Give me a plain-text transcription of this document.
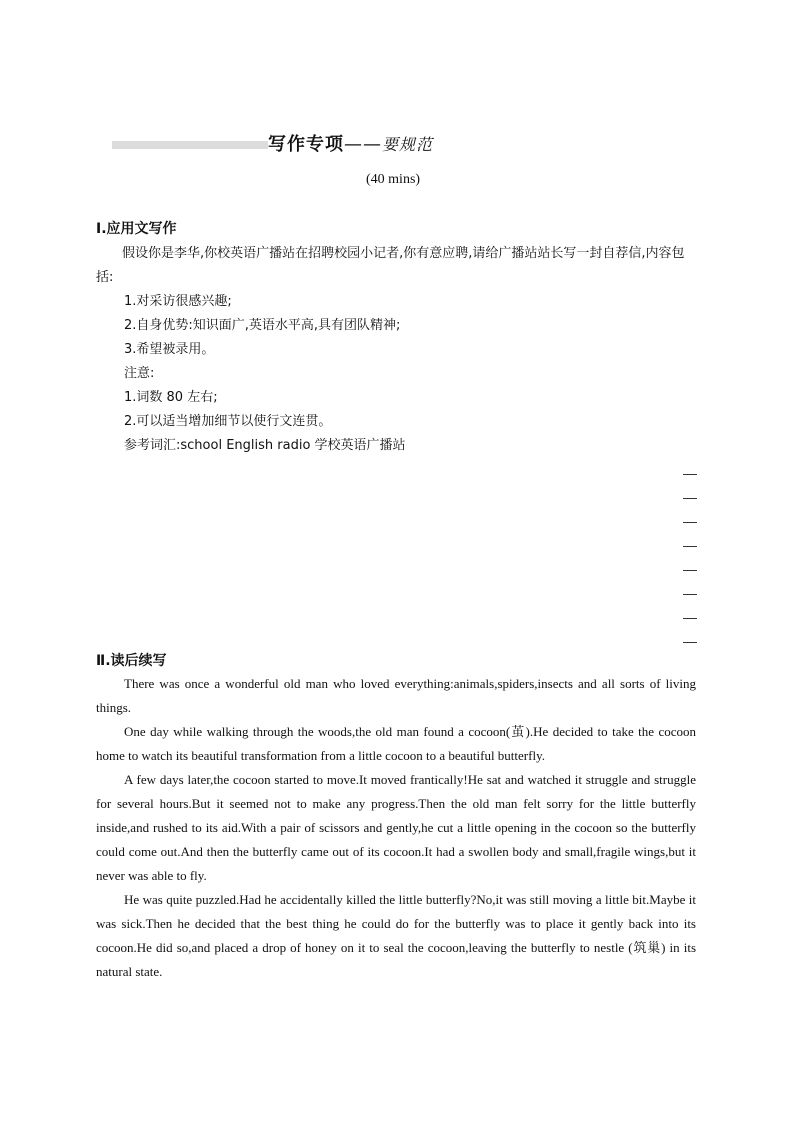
写作专项——要规范
(40 mins)
Ⅰ.应用文写作

假设你是李华,你校英语广播站在招聘校园小记者,你有意应聘,请给广播站站长写一封自荐信,内容包括:

1.对采访很感兴趣;
2.自身优势:知识面广,英语水平高,具有团队精神;
3.希望被录用。
注意:
1.词数 80 左右;
2.可以适当增加细节以使行文连贯。
参考词汇:school English radio 学校英语广播站
Ⅱ.读后续写

There was once a wonderful old man who loved everything:animals,spiders,insects and all sorts of living things.

One day while walking through the woods,the old man found a cocoon(茧).He decided to take the cocoon home to watch its beautiful transformation from a little cocoon to a beautiful butterfly.

A few days later,the cocoon started to move.It moved frantically!He sat and watched it struggle and struggle for several hours.But it seemed not to make any progress.Then the old man felt sorry for the little butterfly inside,and rushed to its aid.With a pair of scissors and gently,he cut a little opening in the cocoon so the butterfly could come out.And then the butterfly came out of its cocoon.It had a swollen body and small,fragile wings,but it never was able to fly.

He was quite puzzled.Had he accidentally killed the little butterfly?No,it was still moving a little bit.Maybe it was sick.Then he decided that the best thing he could do for the butterfly was to place it gently back into its cocoon.He did so,and placed a drop of honey on it to seal the cocoon,leaving the butterfly to nestle (筑巢) in its natural state.
